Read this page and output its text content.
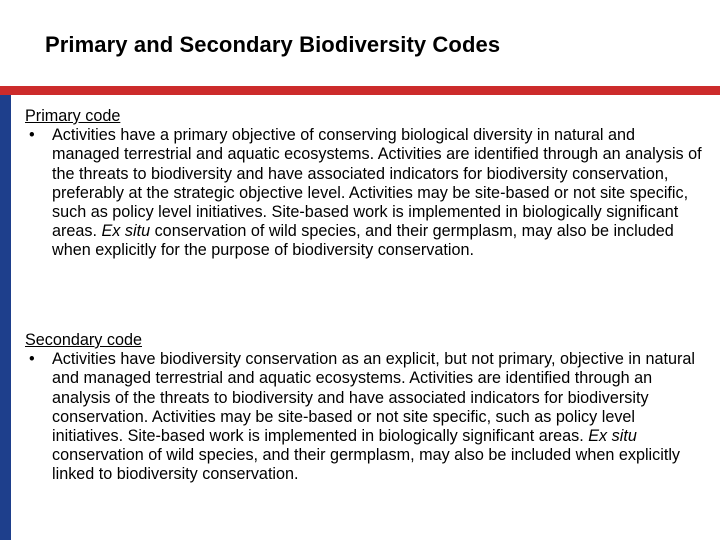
Primary and Secondary Biodiversity Codes
Primary code
• Activities have a primary objective of conserving biological diversity in natural and managed terrestrial and aquatic ecosystems. Activities are identified through an analysis of the threats to biodiversity and have associated indicators for biodiversity conservation, preferably at the strategic objective level. Activities may be site-based or not site specific, such as policy level initiatives. Site-based work is implemented in biologically significant areas. Ex situ conservation of wild species, and their germplasm, may also be included when explicitly for the purpose of biodiversity conservation.
Secondary code
• Activities have biodiversity conservation as an explicit, but not primary, objective in natural and managed terrestrial and aquatic ecosystems. Activities are identified through an analysis of the threats to biodiversity and have associated indicators for biodiversity conservation. Activities may be site-based or not site specific, such as policy level initiatives. Site-based work is implemented in biologically significant areas. Ex situ conservation of wild species, and their germplasm, may also be included when explicitly linked to biodiversity conservation.
